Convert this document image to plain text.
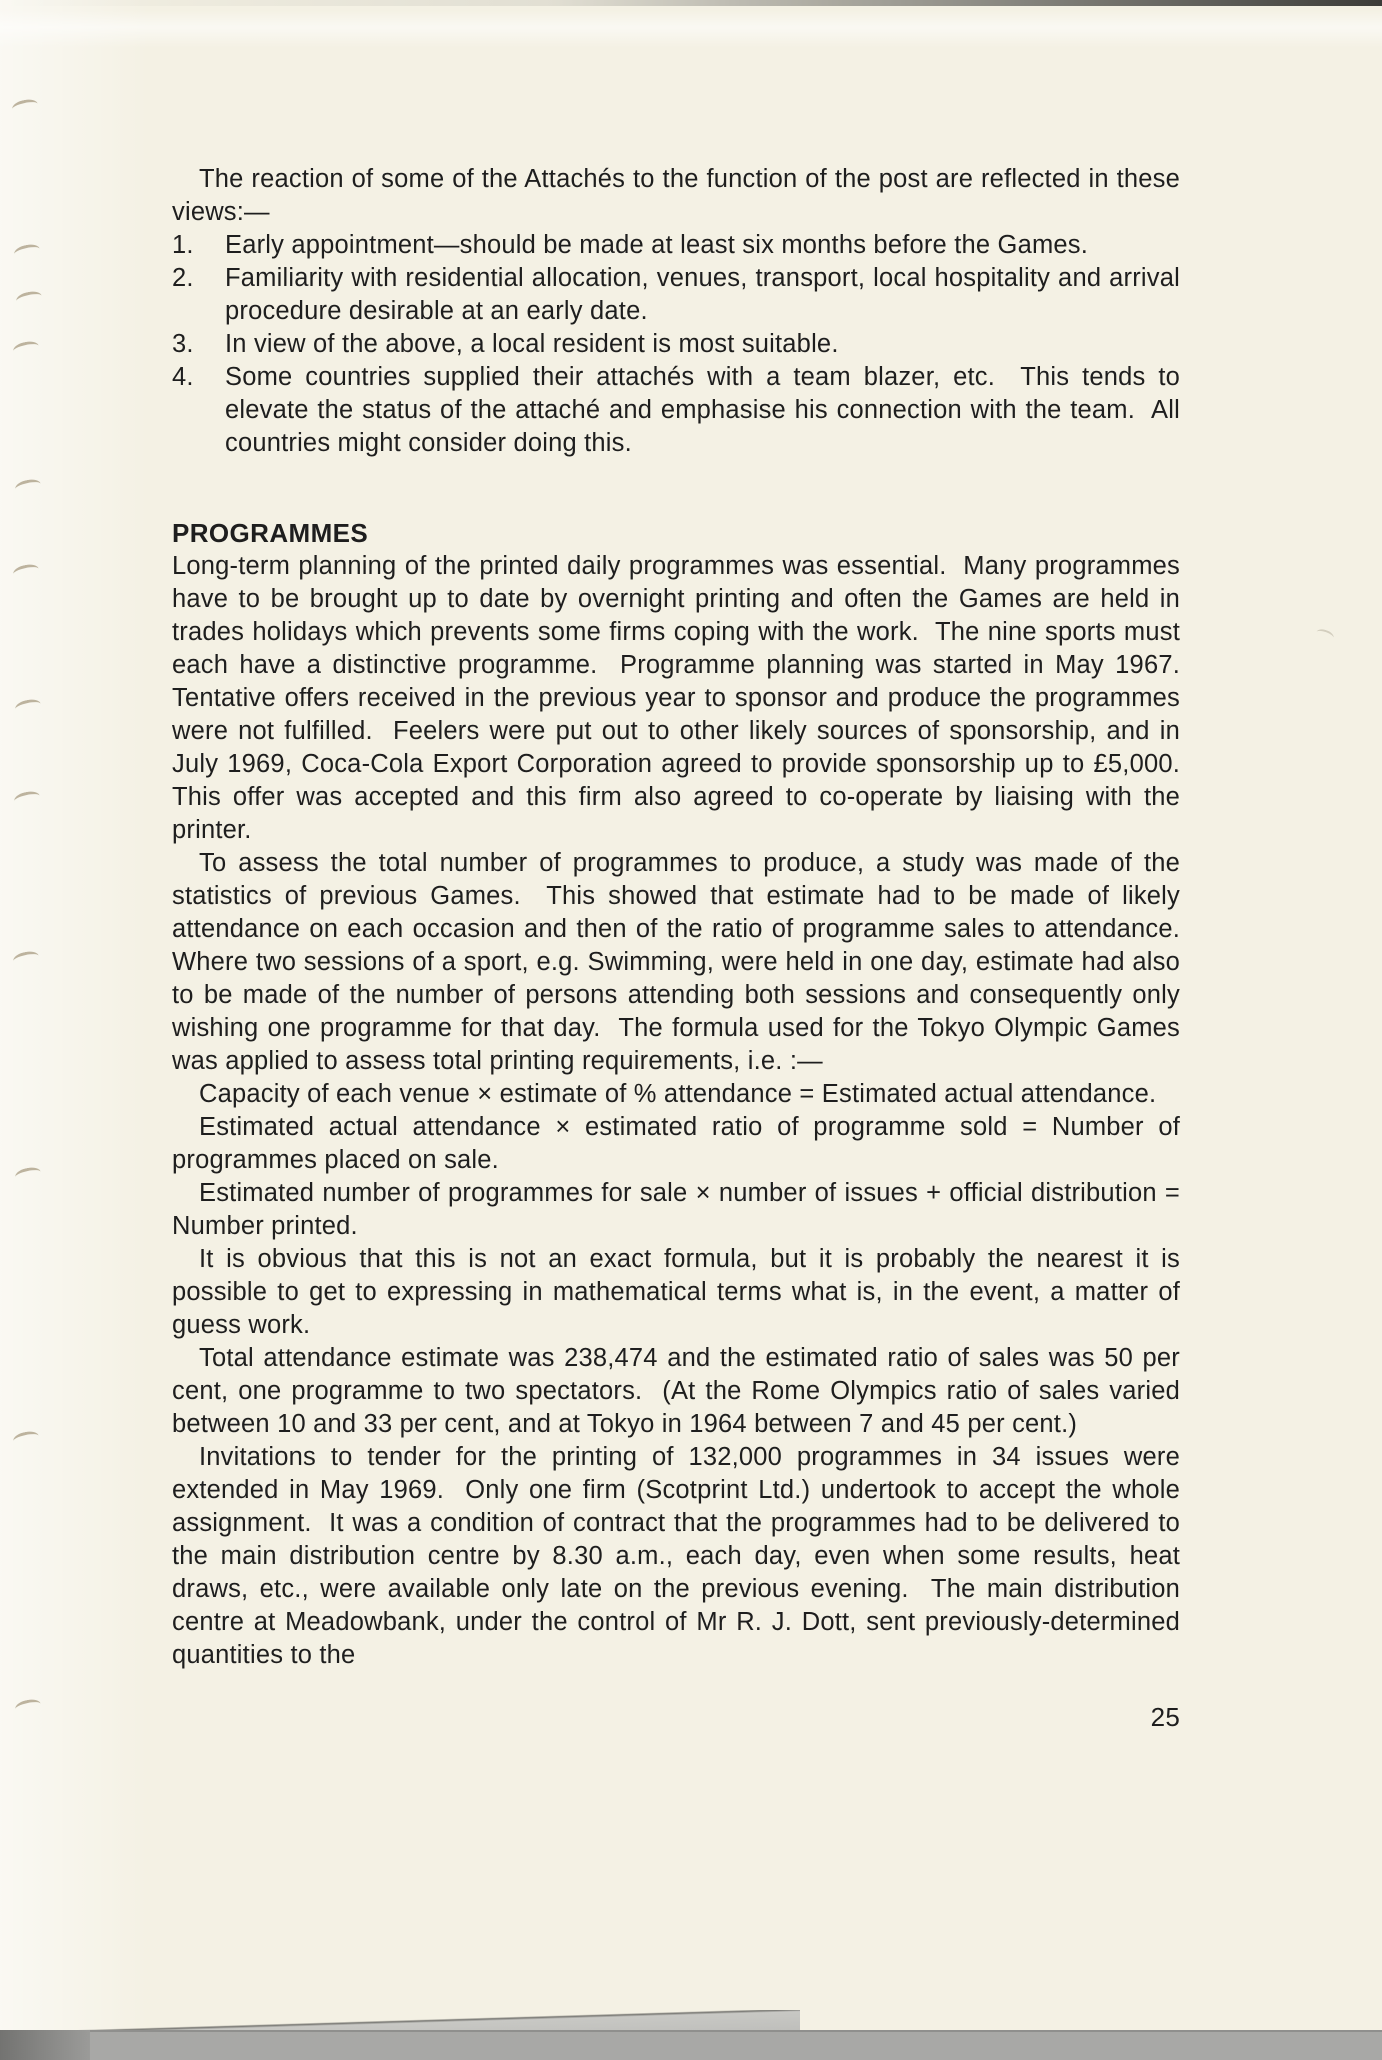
The reaction of some of the Attachés to the function of the post are reflected in these views:—

1.	Early appointment—should be made at least six months before the Games.
2.	Familiarity with residential allocation, venues, transport, local hospitality and arrival procedure desirable at an early date.
3.	In view of the above, a local resident is most suitable.
4.	Some countries supplied their attachés with a team blazer, etc.  This tends to elevate the status of the attaché and emphasise his connection with the team.  All countries might consider doing this.
PROGRAMMES

Long-term planning of the printed daily programmes was essential.  Many programmes have to be brought up to date by overnight printing and often the Games are held in trades holidays which prevents some firms coping with the work.  The nine sports must each have a distinctive programme.  Programme planning was started in May 1967.  Tentative offers received in the previous year to sponsor and produce the programmes were not fulfilled.  Feelers were put out to other likely sources of sponsorship, and in July 1969, Coca-Cola Export Corporation agreed to provide sponsorship up to £5,000.  This offer was accepted and this firm also agreed to co-operate by liaising with the printer.

To assess the total number of programmes to produce, a study was made of the statistics of previous Games.  This showed that estimate had to be made of likely attendance on each occasion and then of the ratio of programme sales to attendance.  Where two sessions of a sport, e.g. Swimming, were held in one day, estimate had also to be made of the number of persons attending both sessions and consequently only wishing one programme for that day.  The formula used for the Tokyo Olympic Games was applied to assess total printing requirements, i.e. :—

Capacity of each venue × estimate of % attendance = Estimated actual attendance.

Estimated actual attendance × estimated ratio of programme sold = Number of programmes placed on sale.

Estimated number of programmes for sale × number of issues + official distribution = Number printed.

It is obvious that this is not an exact formula, but it is probably the nearest it is possible to get to expressing in mathematical terms what is, in the event, a matter of guess work.

Total attendance estimate was 238,474 and the estimated ratio of sales was 50 per cent, one programme to two spectators.  (At the Rome Olympics ratio of sales varied between 10 and 33 per cent, and at Tokyo in 1964 between 7 and 45 per cent.)

Invitations to tender for the printing of 132,000 programmes in 34 issues were extended in May 1969.  Only one firm (Scotprint Ltd.) undertook to accept the whole assignment.  It was a condition of contract that the programmes had to be delivered to the main distribution centre by 8.30 a.m., each day, even when some results, heat draws, etc., were available only late on the previous evening.  The main distribution centre at Meadowbank, under the control of Mr R. J. Dott, sent previously-determined quantities to the

25
